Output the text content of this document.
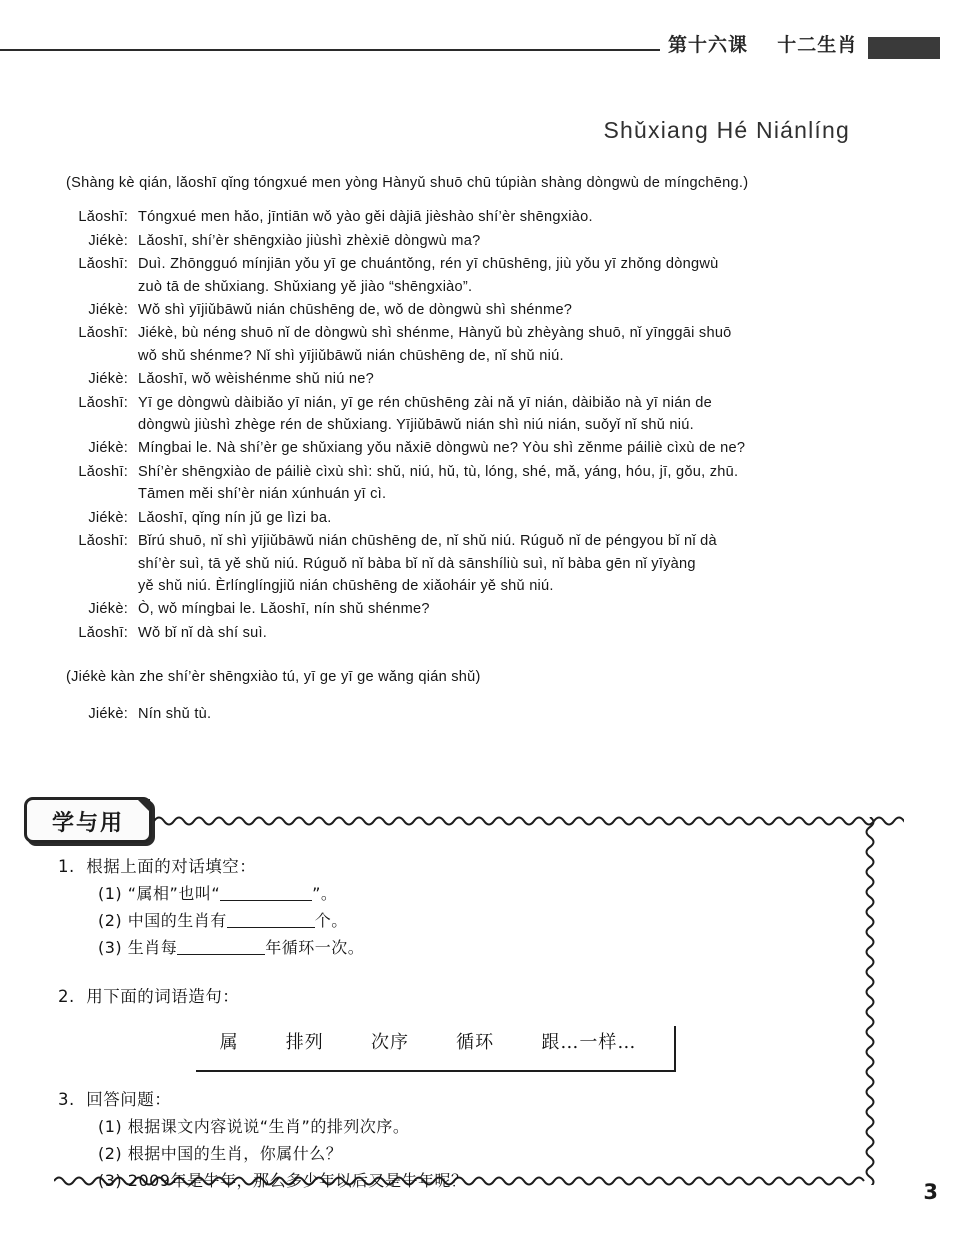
第十六课 十二生肖
Shǔxiang Hé Niánlíng
(Shàng kè qián, lǎoshī qǐng tóngxué men yòng Hànyǔ shuō chū túpiàn shàng dòngwù de míngchēng.)
Lǎoshī: Tóngxué men hǎo, jīntiān wǒ yào gěi dàjiā jièshào shí’èr shēngxiào.

Jiékè: Lǎoshī, shí’èr shēngxiào jiùshì zhèxiē dòngwù ma?

Lǎoshī: Duì. Zhōngguó mínjiān yǒu yī ge chuántǒng, rén yī chūshēng, jiù yǒu yī zhǒng dòngwù

zuò tā de shǔxiang. Shǔxiang yě jiào “shēngxiào”.

Jiékè: Wǒ shì yījiǔbāwǔ nián chūshēng de, wǒ de dòngwù shì shénme?

Lǎoshī: Jiékè, bù néng shuō nǐ de dòngwù shì shénme, Hànyǔ bù zhèyàng shuō, nǐ yīnggāi shuō

wǒ shǔ shénme? Nǐ shì yījiǔbāwǔ nián chūshēng de, nǐ shǔ niú.

Jiékè: Lǎoshī, wǒ wèishénme shǔ niú ne?

Lǎoshī: Yī ge dòngwù dàibiǎo yī nián, yī ge rén chūshēng zài nǎ yī nián, dàibiǎo nà yī nián de

dòngwù jiùshì zhège rén de shǔxiang. Yījiǔbāwǔ nián shì niú nián, suǒyǐ nǐ shǔ niú.

Jiékè: Míngbai le. Nà shí’èr ge shǔxiang yǒu nǎxiē dòngwù ne? Yòu shì zěnme páiliè cìxù de ne?

Lǎoshī: Shí’èr shēngxiào de páiliè cìxù shì: shǔ, niú, hǔ, tù, lóng, shé, mǎ, yáng, hóu, jī, gǒu, zhū.

Tāmen měi shí’èr nián xúnhuán yī cì.

Jiékè: Lǎoshī, qǐng nín jǔ ge lìzi ba.

Lǎoshī: Bǐrú shuō, nǐ shì yījiǔbāwǔ nián chūshēng de, nǐ shǔ niú. Rúguǒ nǐ de péngyou bǐ nǐ dà

shí’èr suì, tā yě shǔ niú. Rúguǒ nǐ bàba bǐ nǐ dà sānshíliù suì, nǐ bàba gēn nǐ yīyàng

yě shǔ niú. Èrlínglíngjiǔ nián chūshēng de xiǎoháir yě shǔ niú.

Jiékè: Ò, wǒ míngbai le. Lǎoshī, nín shǔ shénme?

Lǎoshī: Wǒ bǐ nǐ dà shí suì.

(Jiékè kàn zhe shí’èr shēngxiào tú, yī ge yī ge wǎng qián shǔ)
Jiékè: Nín shǔ tù.

学与用
1. 根据上面的对话填空：
(1) “属相”也叫“	”。
(2) 中国的生肖有	个。
(3) 生肖每	年循环一次。
2. 用下面的词语造句：
属	排列	次序	循环	跟…一样…
3. 回答问题：
(1) 根据课文内容说说“生肖”的排列次序。
(2) 根据中国的生肖，你属什么？
(3) 2009年是牛年，那么多少年以后又是牛年呢？	3
